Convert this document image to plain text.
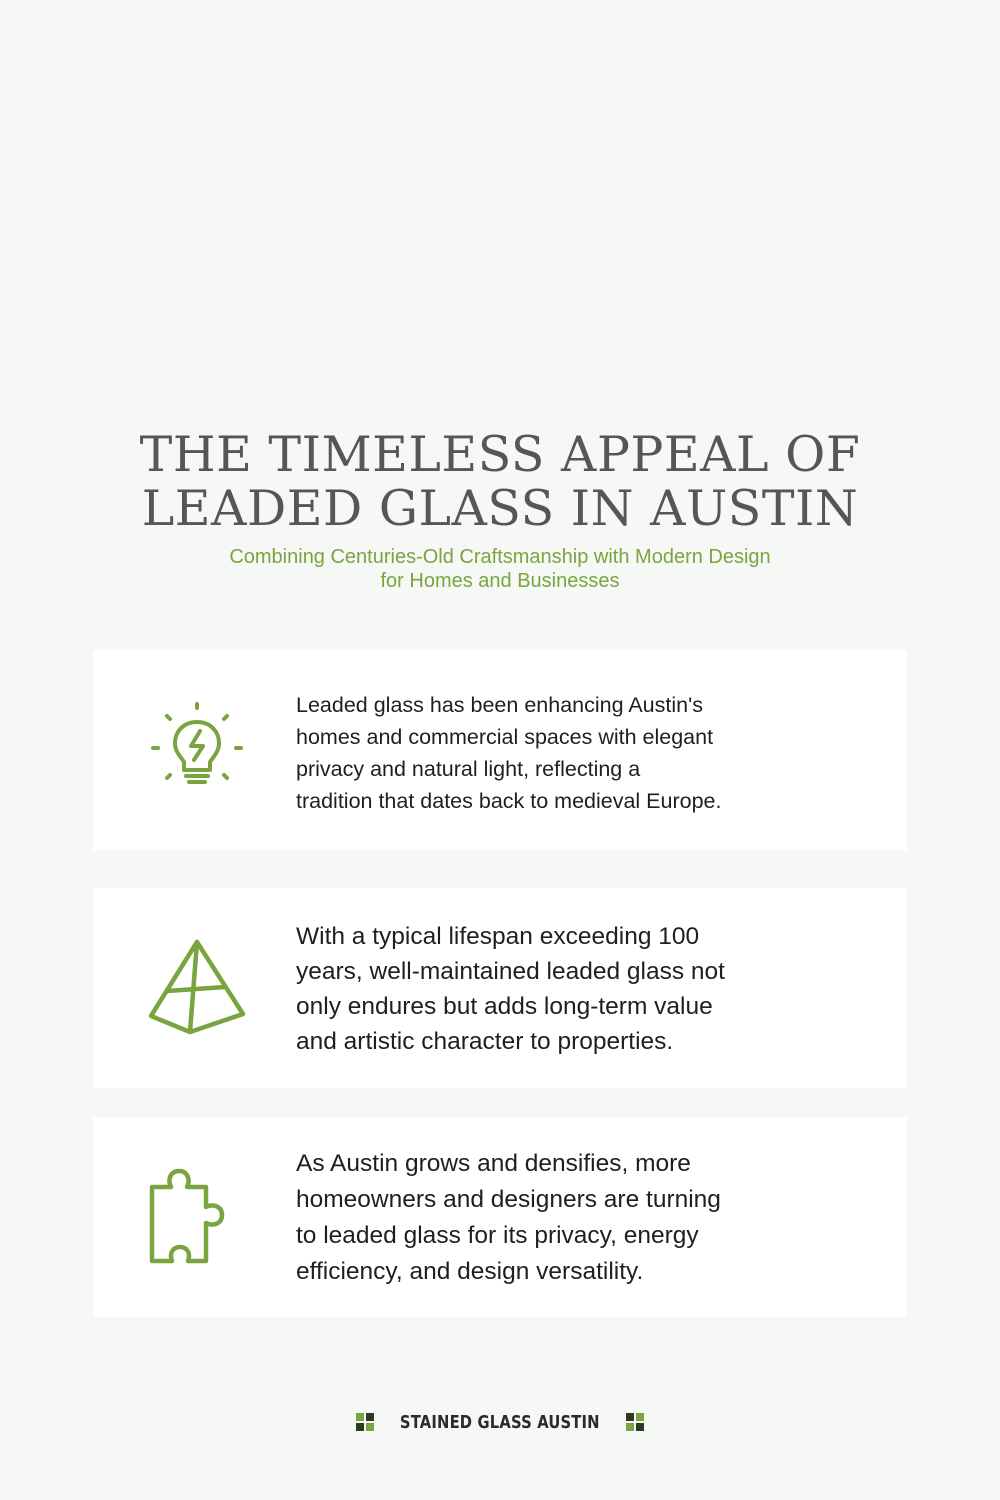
THE TIMELESS APPEAL OF
LEADED GLASS IN AUSTIN

Combining Centuries-Old Craftsmanship with Modern Design
for Homes and Businesses

Leaded glass has been enhancing Austin's
homes and commercial spaces with elegant
privacy and natural light, reflecting a
tradition that dates back to medieval Europe.

With a typical lifespan exceeding 100
years, well-maintained leaded glass not
only endures but adds long-term value
and artistic character to properties.

As Austin grows and densifies, more
homeowners and designers are turning
to leaded glass for its privacy, energy
efficiency, and design versatility.

STAINED GLASS AUSTIN
